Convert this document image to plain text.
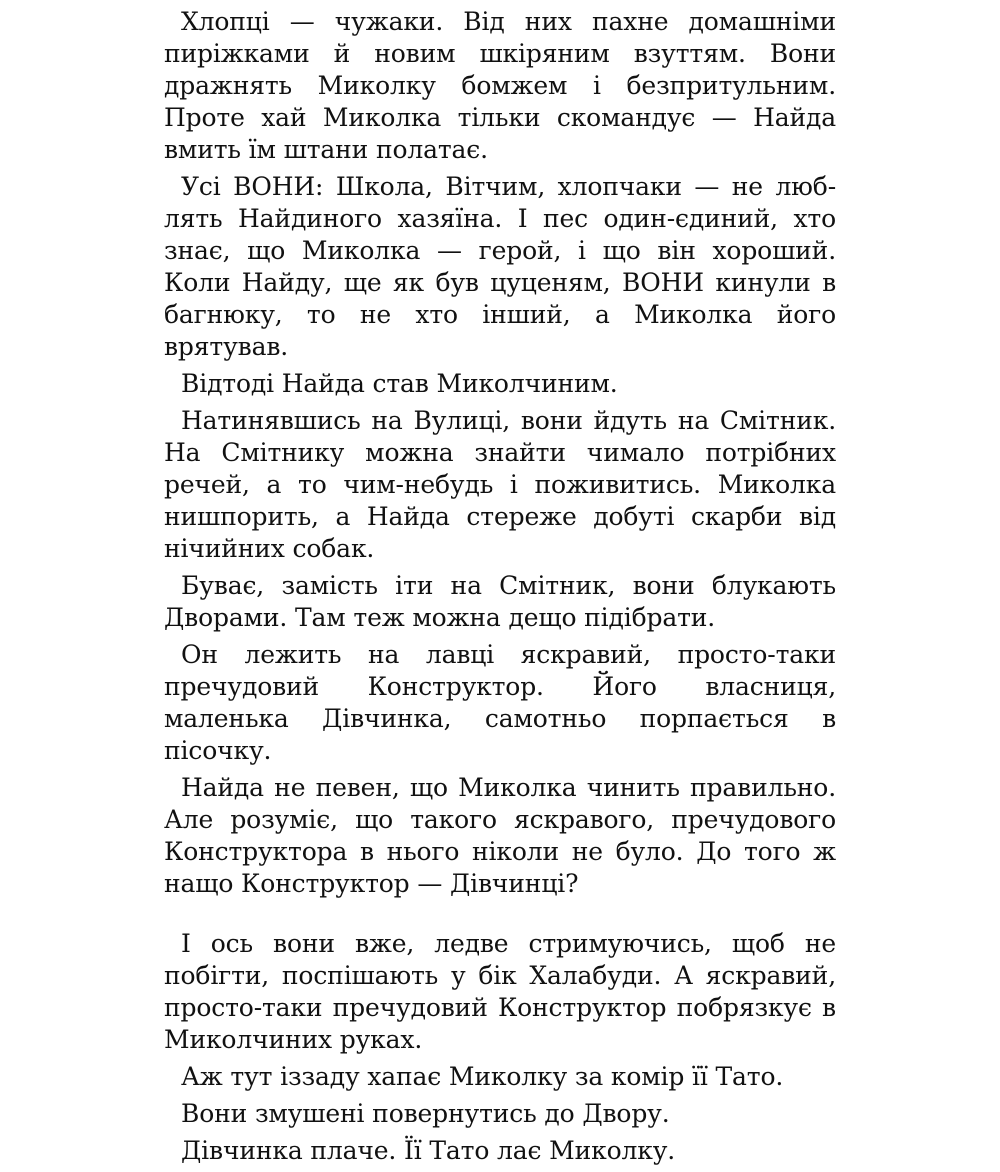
Хлопці — чужаки. Від них пахне домашніми пиріжками й новим шкіряним взуттям. Вони дражнять Миколку бомжем і безпритульним. Проте хай Миколка тільки скомандує — Найда вмить їм штани полатає.

Усі ВОНИ: Школа, Вітчим, хлопчаки — не люб-лять Найдиного хазяїна. І пес один-єдиний, хто знає, що Миколка — герой, і що він хороший. Коли Найду, ще як був цуценям, ВОНИ кинули в багнюку, то не хто інший, а Миколка його врятував.

Відтоді Найда став Миколчиним.

Натинявшись на Вулиці, вони йдуть на Смітник. На Смітнику можна знайти чимало потрібних речей, а то чим-небудь і поживитись. Миколка нишпорить, а Найда стереже добуті скарби від нічийних собак.

Буває, замість іти на Смітник, вони блукають Дворами. Там теж можна дещо підібрати.

Он лежить на лавці яскравий, просто-таки пречудовий Конструктор. Його власниця, маленька Дівчинка, самотньо порпається в пісочку.

Найда не певен, що Миколка чинить правильно. Але розуміє, що такого яскравого, пречудового Конструктора в нього ніколи не було. До того ж нащо Конструктор — Дівчинці?

І ось вони вже, ледве стримуючись, щоб не побігти, поспішають у бік Халабуди. А яскравий, просто-таки пречудовий Конструктор побрязкує в Миколчиних руках.

Аж тут іззаду хапає Миколку за комір її Тато.

Вони змушені повернутись до Двору.

Дівчинка плаче. Її Тато лає Миколку.
